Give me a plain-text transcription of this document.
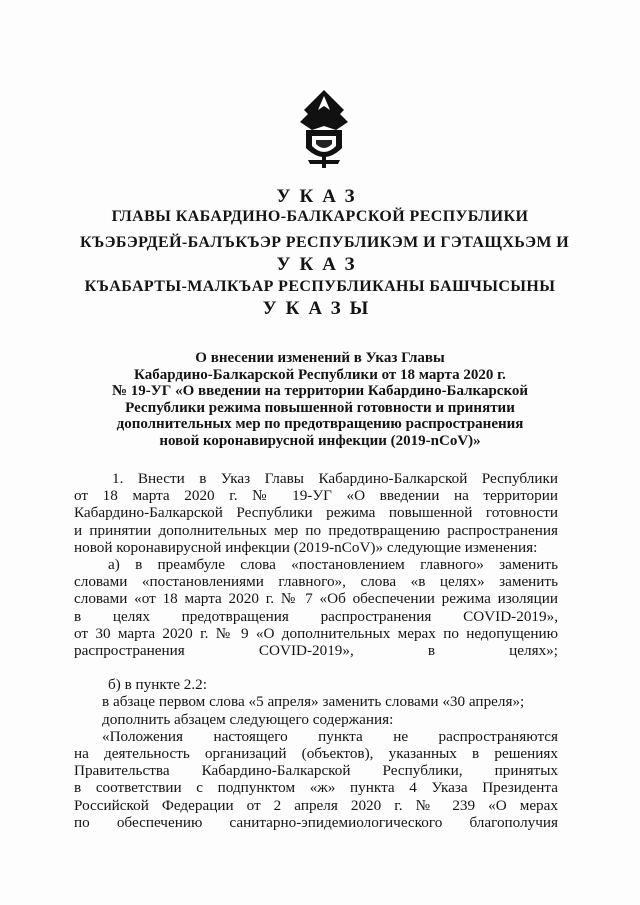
УКАЗ
ГЛАВЫ КАБАРДИНО-БАЛКАРСКОЙ РЕСПУБЛИКИ
КЪЭБЭРДЕЙ-БАЛЪКЪЭР РЕСПУБЛИКЭМ И ГЭТАЩХЬЭМ И
УКАЗ
КЪАБАРТЫ-МАЛКЪАР РЕСПУБЛИКАНЫ БАШЧЫСЫНЫ
УКАЗЫ
О внесении изменений в Указ Главы
Кабардино-Балкарской Республики от 18 марта 2020 г.
№ 19-УГ «О введении на территории Кабардино-Балкарской
Республики режима повышенной готовности и принятии
дополнительных мер по предотвращению распространения
новой коронавирусной инфекции (2019-nCoV)»
1. Внести в Указ Главы Кабардино-Балкарской Республики
от 18 марта 2020 г. № 19-УГ «О введении на территории
Кабардино-Балкарской Республики режима повышенной готовности
и принятии дополнительных мер по предотвращению распространения
новой коронавирусной инфекции (2019-nCoV)» следующие изменения:
а) в преамбуле слова «постановлением главного» заменить
словами «постановлениями главного», слова «в целях» заменить
словами «от 18 марта 2020 г. № 7 «Об обеспечении режима изоляции
в целях предотвращения распространения COVID-2019»,
от 30 марта 2020 г. № 9 «О дополнительных мерах по недопущению
распространения COVID-2019», в целях»;
б) в пункте 2.2:
в абзаце первом слова «5 апреля» заменить словами «30 апреля»;
дополнить абзацем следующего содержания:
«Положения настоящего пункта не распространяются
на деятельность организаций (объектов), указанных в решениях
Правительства Кабардино-Балкарской Республики, принятых
в соответствии с подпунктом «ж» пункта 4 Указа Президента
Российской Федерации от 2 апреля 2020 г. № 239 «О мерах
по обеспечению санитарно-эпидемиологического благополучия
